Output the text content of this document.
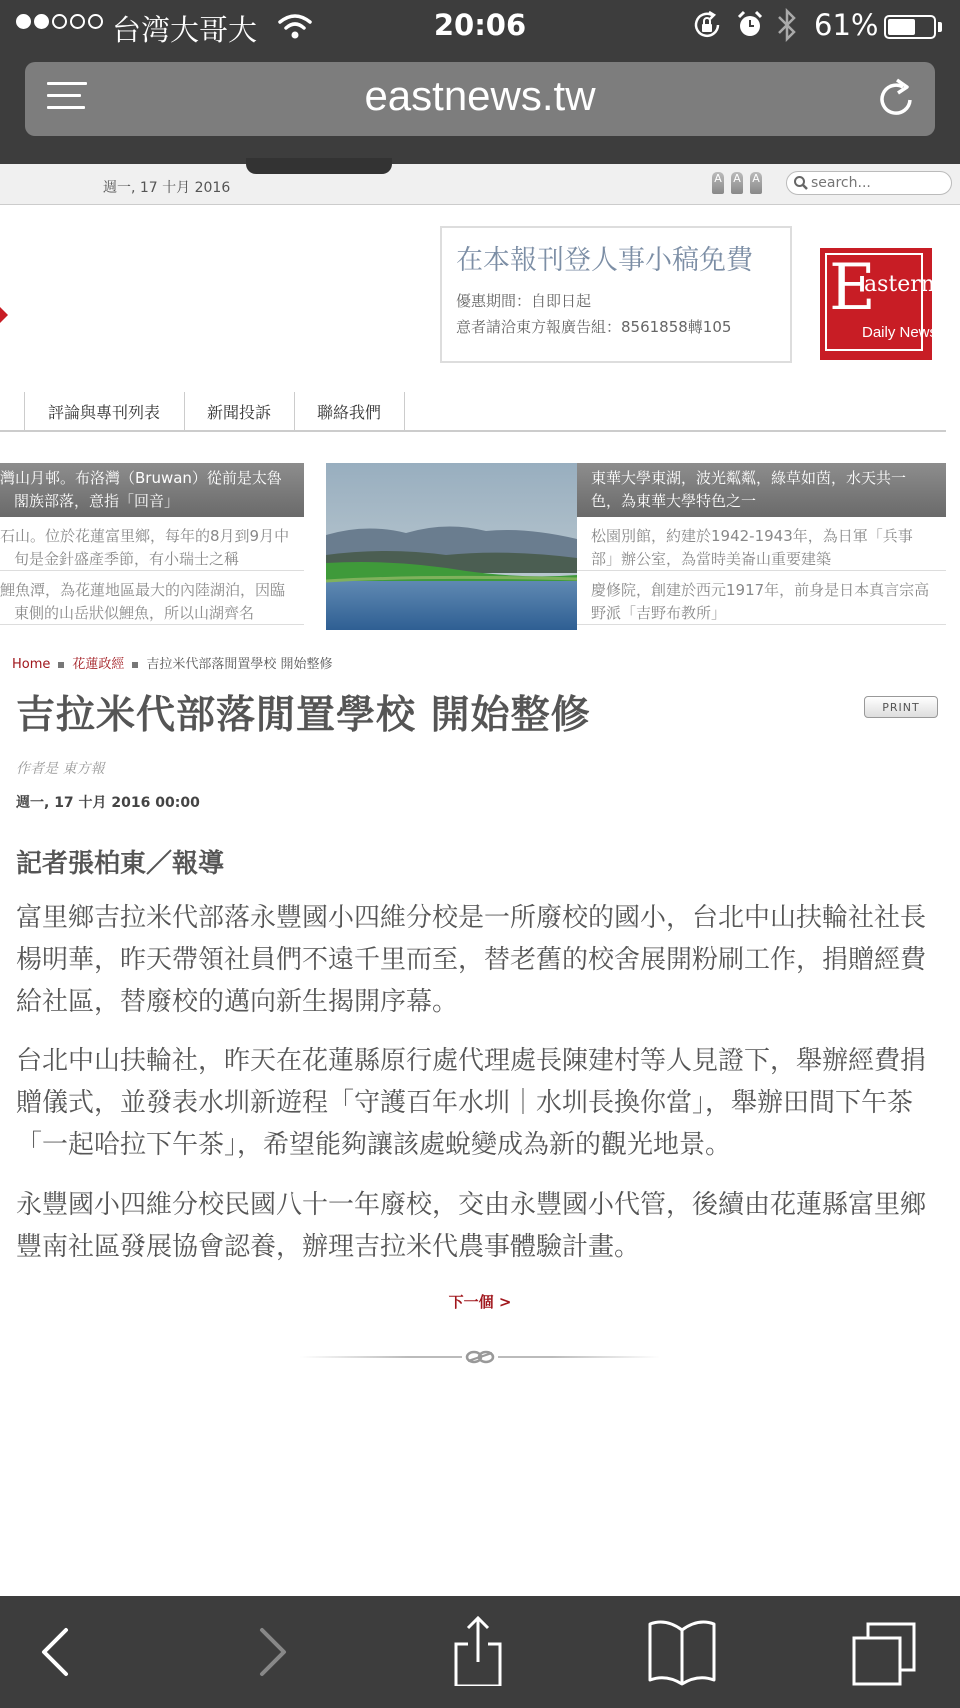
台湾大哥大	20:06	61%
eastnews.tw
週一, 17 十月 2016
A A A
search...
在本報刊登人事小稿免費
優惠期間：自即日起
意者請洽東方報廣告組：8561858轉105
E
astern
Daily News
評論與專刊列表	新聞投訴	聯絡我們
灣山月邨。布洛灣（Bruwan）從前是太魯閣族部落，意指「回音」
石山。位於花蓮富里鄉，每年的8月到9月中旬是金針盛產季節，有小瑞士之稱
鯉魚潭，為花蓮地區最大的內陸湖泊，因臨東側的山岳狀似鯉魚，所以山湖齊名
東華大學東湖，波光粼粼，綠草如茵，水天共一色，為東華大學特色之一
松園別館，約建於1942-1943年，為日軍「兵事部」辦公室，為當時美崙山重要建築
慶修院，創建於西元1917年，前身是日本真言宗高野派「吉野布教所」
Home 花蓮政經 吉拉米代部落閒置學校 開始整修
吉拉米代部落閒置學校 開始整修	PRINT
作者是 東方報
週一, 17 十月 2016 00:00
記者張柏東／報導

富里鄉吉拉米代部落永豐國小四維分校是一所廢校的國小，台北中山扶輪社社長楊明華，昨天帶領社員們不遠千里而至，替老舊的校舍展開粉刷工作，捐贈經費給社區，替廢校的邁向新生揭開序幕。

台北中山扶輪社，昨天在花蓮縣原行處代理處長陳建村等人見證下，舉辦經費捐贈儀式，並發表水圳新遊程「守護百年水圳｜水圳長換你當」，舉辦田間下午茶「一起哈拉下午茶」，希望能夠讓該處蛻變成為新的觀光地景。

永豐國小四維分校民國八十一年廢校，交由永豐國小代管，後續由花蓮縣富里鄉豐南社區發展協會認養，辦理吉拉米代農事體驗計畫。

下一個 >
